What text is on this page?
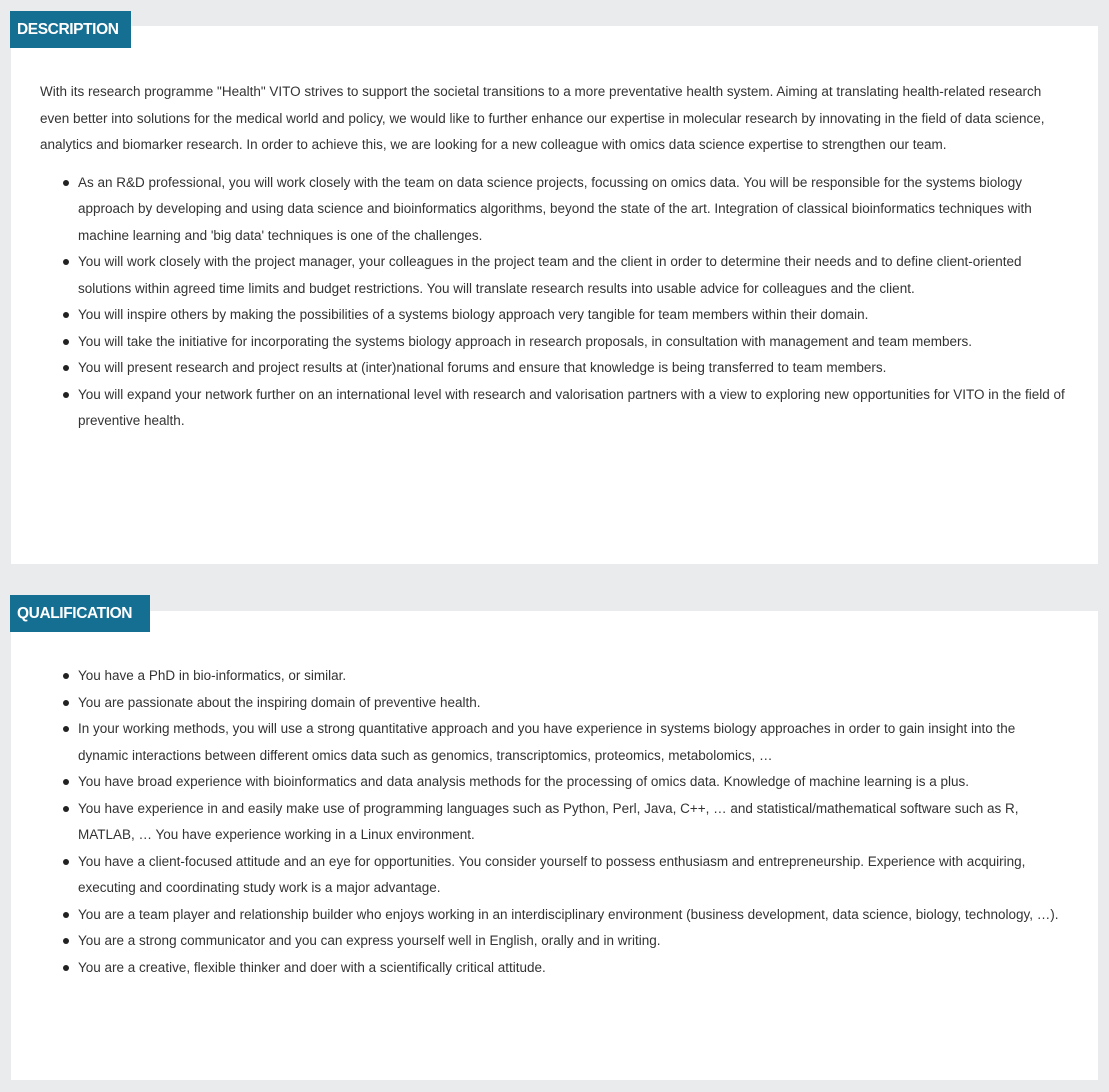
DESCRIPTION

With its research programme "Health" VITO strives to support the societal transitions to a more preventative health system. Aiming at translating health-related research even better into solutions for the medical world and policy, we would like to further enhance our expertise in molecular research by innovating in the field of data science, analytics and biomarker research. In order to achieve this, we are looking for a new colleague with omics data science expertise to strengthen our team.

As an R&D professional, you will work closely with the team on data science projects, focussing on omics data. You will be responsible for the systems biology approach by developing and using data science and bioinformatics algorithms, beyond the state of the art. Integration of classical bioinformatics techniques with machine learning and 'big data' techniques is one of the challenges.
You will work closely with the project manager, your colleagues in the project team and the client in order to determine their needs and to define client-oriented solutions within agreed time limits and budget restrictions. You will translate research results into usable advice for colleagues and the client.
You will inspire others by making the possibilities of a systems biology approach very tangible for team members within their domain.
You will take the initiative for incorporating the systems biology approach in research proposals, in consultation with management and team members.
You will present research and project results at (inter)national forums and ensure that knowledge is being transferred to team members.
You will expand your network further on an international level with research and valorisation partners with a view to exploring new opportunities for VITO in the field of preventive health.
QUALIFICATION
You have a PhD in bio-informatics, or similar.
You are passionate about the inspiring domain of preventive health.
In your working methods, you will use a strong quantitative approach and you have experience in systems biology approaches in order to gain insight into the dynamic interactions between different omics data such as genomics, transcriptomics, proteomics, metabolomics, …
You have broad experience with bioinformatics and data analysis methods for the processing of omics data. Knowledge of machine learning is a plus.
You have experience in and easily make use of programming languages such as Python, Perl, Java, C++, … and statistical/mathematical software such as R, MATLAB, … You have experience working in a Linux environment.
You have a client-focused attitude and an eye for opportunities. You consider yourself to possess enthusiasm and entrepreneurship. Experience with acquiring, executing and coordinating study work is a major advantage.
You are a team player and relationship builder who enjoys working in an interdisciplinary environment (business development, data science, biology, technology, …).
You are a strong communicator and you can express yourself well in English, orally and in writing.
You are a creative, flexible thinker and doer with a scientifically critical attitude.
